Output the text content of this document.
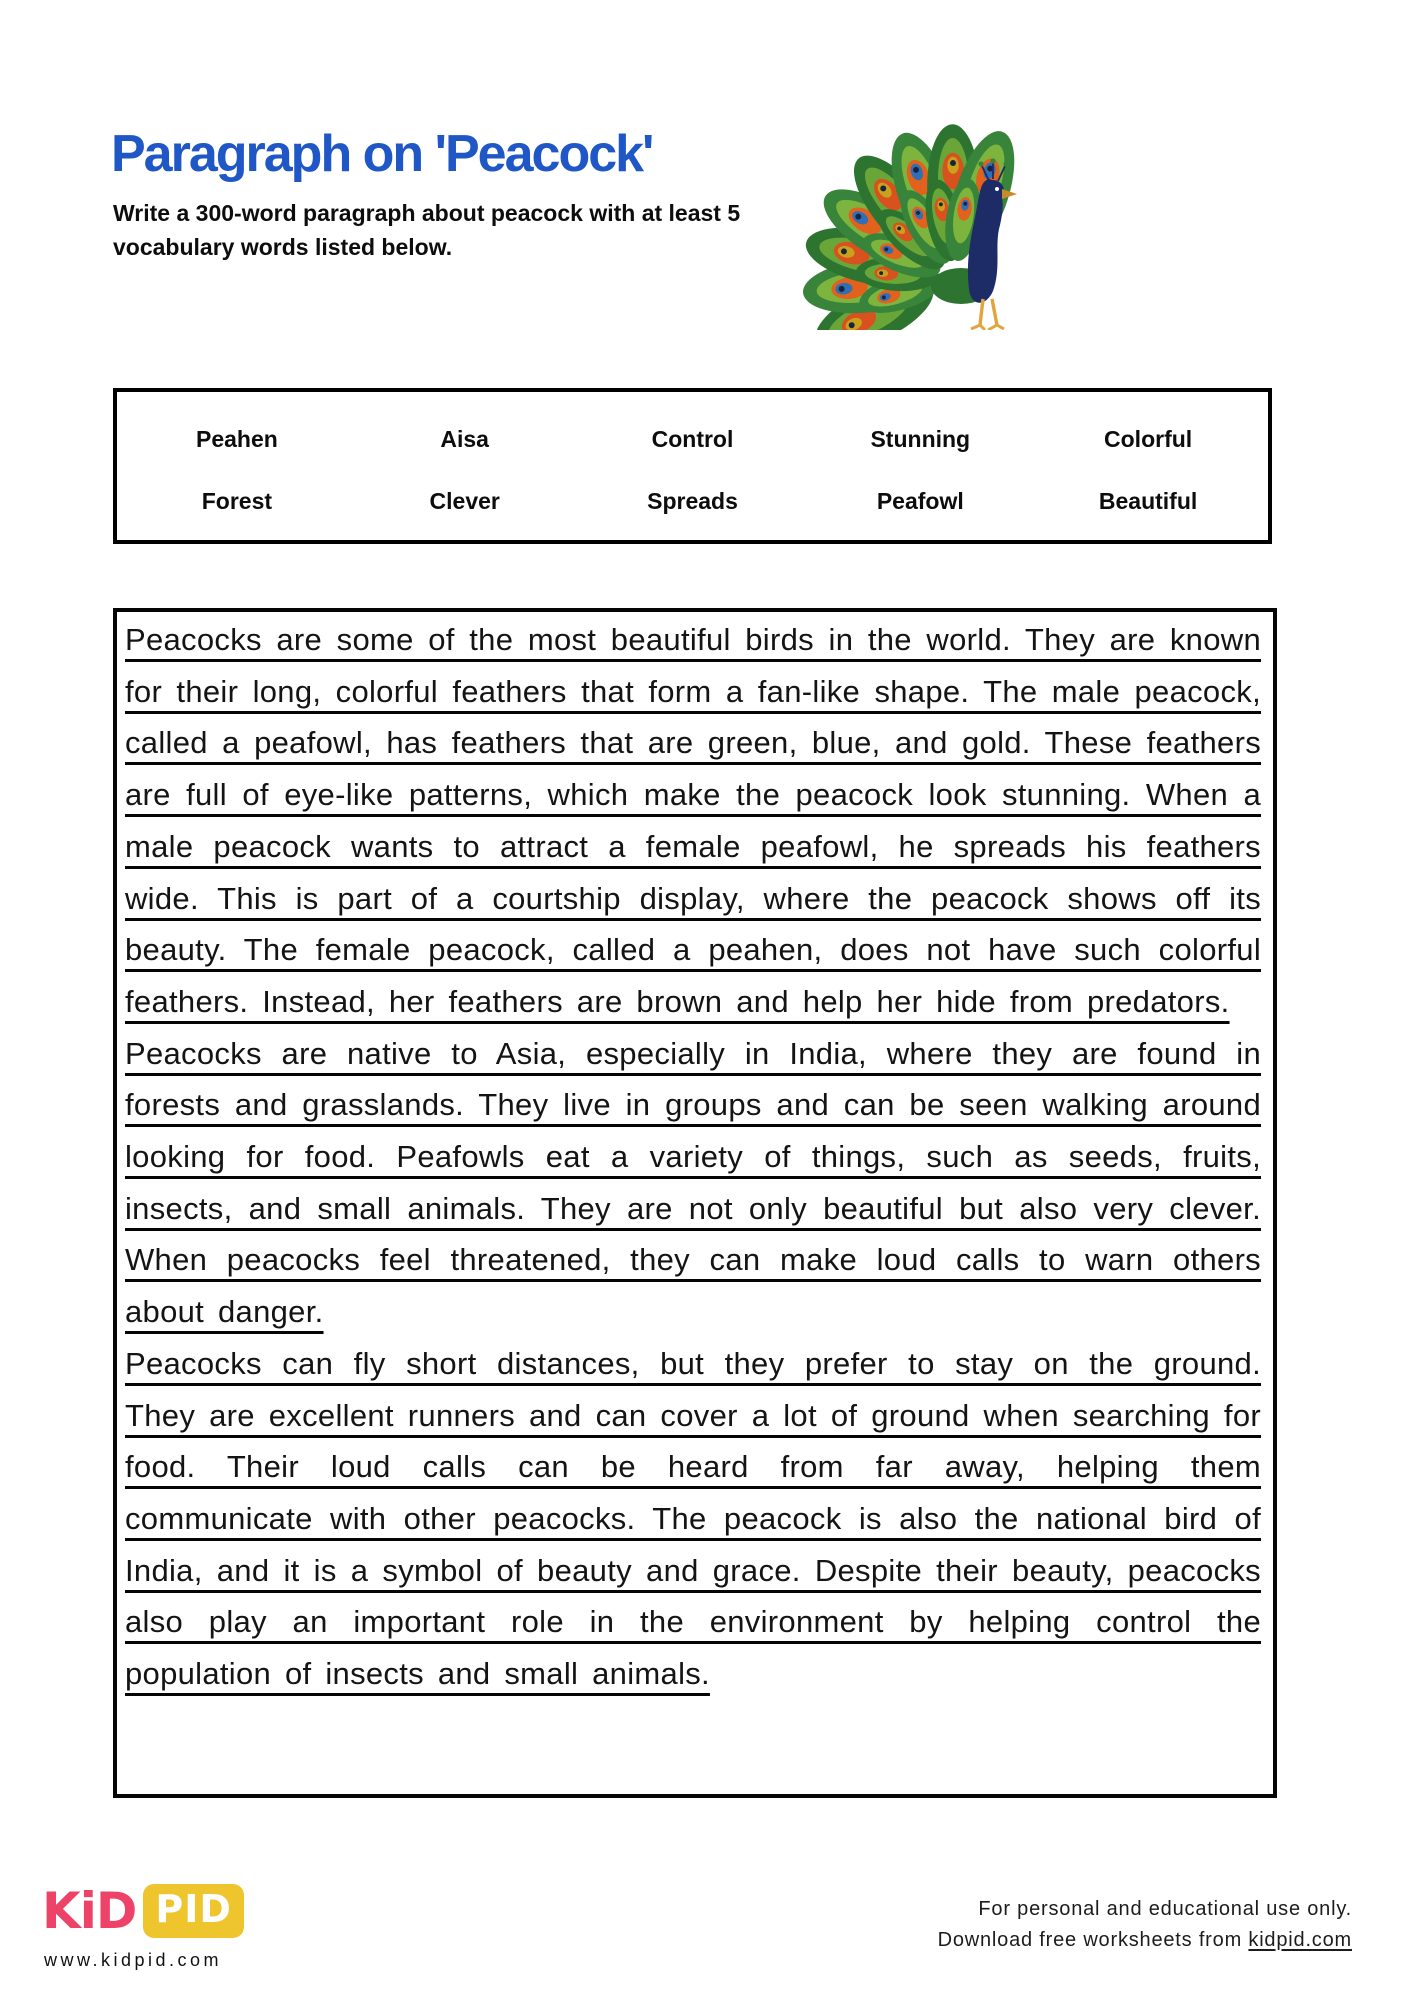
Paragraph on 'Peacock'
Write a 300-word paragraph about peacock with at least 5 vocabulary words listed below.
Peahen	Aisa	Control	Stunning	Colorful
Forest	Clever	Spreads	Peafowl	Beautiful

Peacocks are some of the most beautiful birds in the world. They are known for their long, colorful feathers that form a fan-like shape. The male peacock, called a peafowl, has feathers that are green, blue, and gold. These feathers are full of eye-like patterns, which make the peacock look stunning. When a male peacock wants to attract a female peafowl, he spreads his feathers wide. This is part of a courtship display, where the peacock shows off its beauty. The female peacock, called a peahen, does not have such colorful feathers. Instead, her feathers are brown and help her hide from predators.

Peacocks are native to Asia, especially in India, where they are found in forests and grasslands. They live in groups and can be seen walking around looking for food. Peafowls eat a variety of things, such as seeds, fruits, insects, and small animals. They are not only beautiful but also very clever. When peacocks feel threatened, they can make loud calls to warn others about danger.

Peacocks can fly short distances, but they prefer to stay on the ground. They are excellent runners and can cover a lot of ground when searching for food. Their loud calls can be heard from far away, helping them communicate with other peacocks. The peacock is also the national bird of India, and it is a symbol of beauty and grace. Despite their beauty, peacocks also play an important role in the environment by helping control the population of insects and small animals.

KiD PID
www.kidpid.com
For personal and educational use only.
Download free worksheets from kidpid.com
